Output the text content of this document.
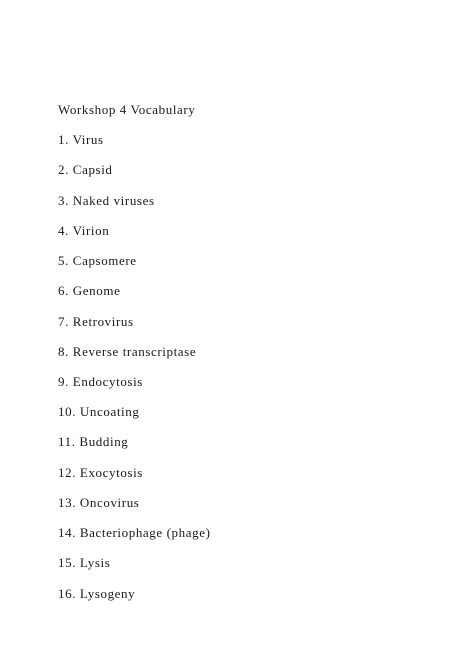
Workshop 4 Vocabulary

1. Virus

2. Capsid

3. Naked viruses

4. Virion

5. Capsomere

6. Genome

7. Retrovirus

8. Reverse transcriptase

9. Endocytosis

10. Uncoating

11. Budding

12. Exocytosis

13. Oncovirus

14. Bacteriophage (phage)

15. Lysis

16. Lysogeny
